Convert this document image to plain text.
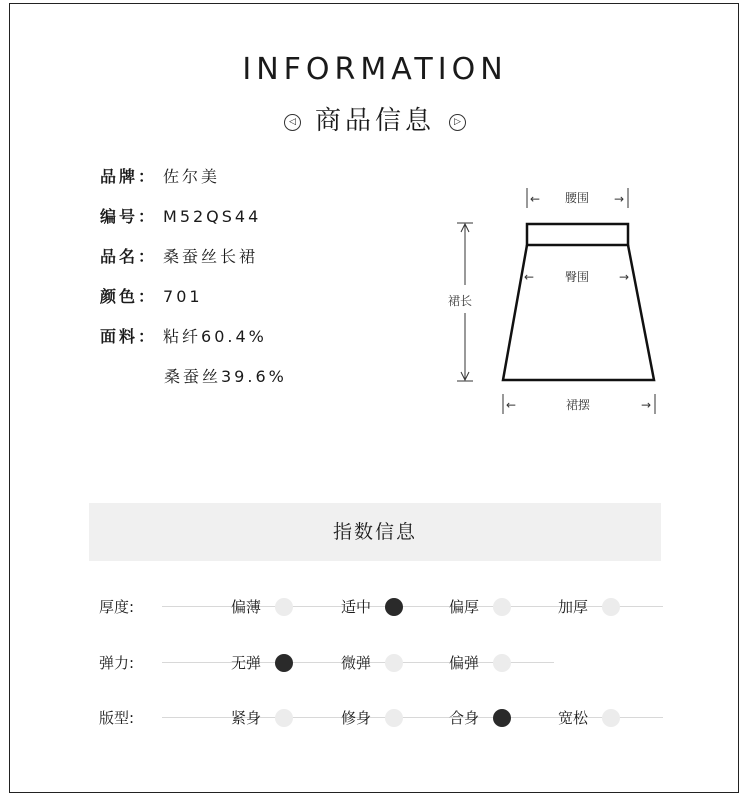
INFORMATION
◁ 商品信息 ▷
品牌： 佐尔美
编号： M52QS44
品名： 桑蚕丝长裙
颜色： 701
面料： 粘纤60.4%
桑蚕丝39.6%
← 腰围 →
←	臀围 →
裙长
←	裙摆	→
指数信息
厚度:	偏薄	适中	偏厚	加厚
弹力:	无弹	微弹	偏弹
版型:	紧身	修身	合身	宽松
